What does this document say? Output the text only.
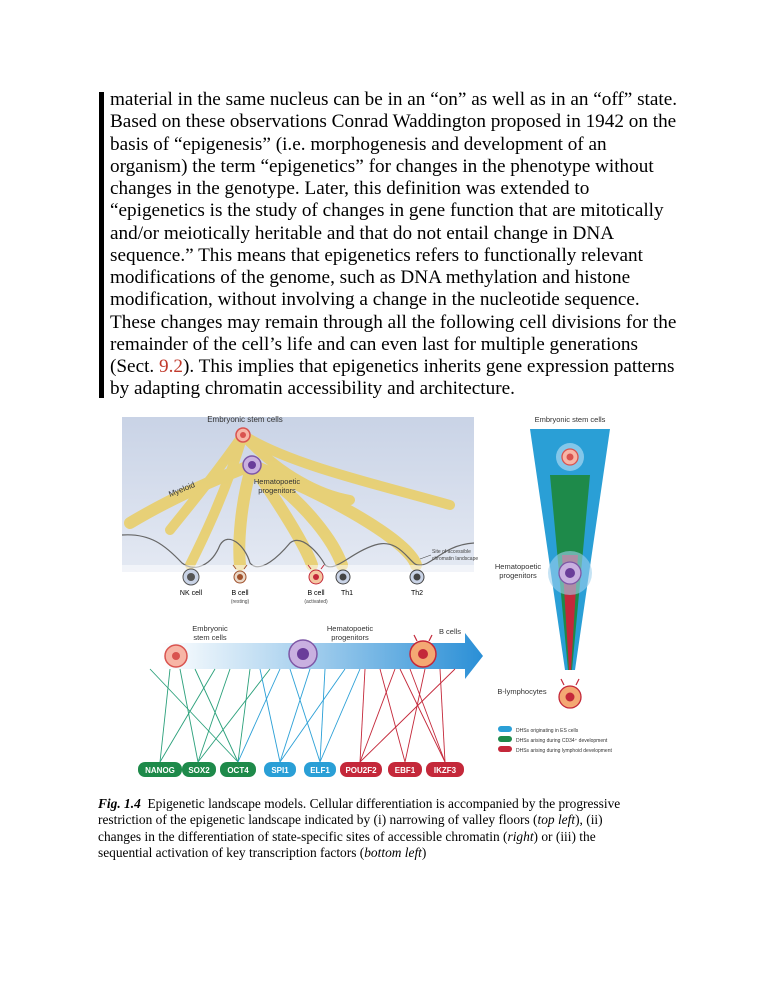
material in the same nucleus can be in an “on” as well as in an “off” state.
Based on these observations Conrad Waddington proposed in 1942 on the
basis of “epigenesis” (i.e. morphogenesis and development of an
organism) the term “epigenetics” for changes in the phenotype without
changes in the genotype. Later, this definition was extended to
“epigenetics is the study of changes in gene function that are mitotically
and/or meiotically heritable and that do not entail change in DNA
sequence.” This means that epigenetics refers to functionally relevant
modifications of the genome, such as DNA methylation and histone
modification, without involving a change in the nucleotide sequence.
These changes may remain through all the following cell divisions for the
remainder of the cell’s life and can even last for multiple generations
(Sect. 9.2). This implies that epigenetics inherits gene expression patterns
by adapting chromatin accessibility and architecture.

Embryonic stem cells
Hematopoetic
progenitors
Myeloid
Site of accessible
chromatin landscape
NK cell	B cell
(resting)
B cell
(activated)
Th1	Th2
Embryonic
stem cells
Hematopoetic
progenitors
B cells
NANOG SOX2 OCT4	SPI1	ELF1 POU2F2 EBF1 IKZF3
Embryonic stem cells
Hematopoetic
progenitors
B-lymphocytes
DHSs originating in ES cells
DHSs arising during CD34⁺ development
DHSs arising during lymphoid development
Fig. 1.4 Epigenetic landscape models. Cellular differentiation is accompanied by the progressive
restriction of the epigenetic landscape indicated by (i) narrowing of valley floors (top left), (ii)
changes in the differentiation of state-specific sites of accessible chromatin (right) or (iii) the
sequential activation of key transcription factors (bottom left)
